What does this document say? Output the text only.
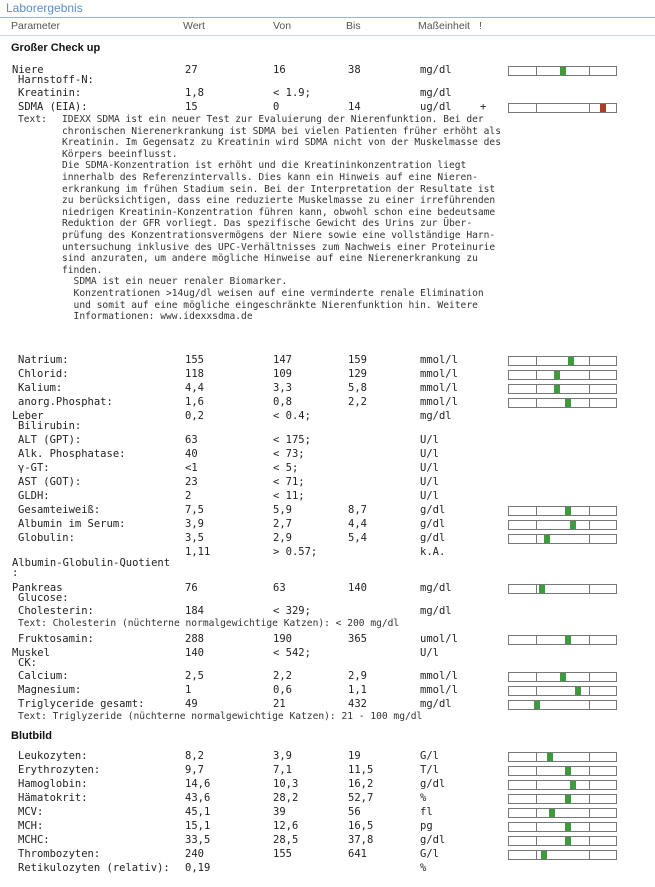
Laborergebnis
Parameter	Wert	Von	Bis	Maßeinheit !
Großer Check up
Blutbild
Text: IDEXX SDMA ist ein neuer Test zur Evaluierung der Nierenfunktion. Bei der
chronischen Nierenerkrankung ist SDMA bei vielen Patienten früher erhöht als
Kreatinin. Im Gegensatz zu Kreatinin wird SDMA nicht von der Muskelmasse des
Körpers beeinflusst.
Die SDMA-Konzentration ist erhöht und die Kreatininkonzentration liegt
innerhalb des Referenzintervalls. Dies kann ein Hinweis auf eine Nieren-
erkrankung im frühen Stadium sein. Bei der Interpretation der Resultate ist
zu berücksichtigen, dass eine reduzierte Muskelmasse zu einer irreführenden
niedrigen Kreatinin-Konzentration führen kann, obwohl schon eine bedeutsame
Reduktion der GFR vorliegt. Das spezifische Gewicht des Urins zur Über-
prüfung des Konzentrationsvermögens der Niere sowie eine vollständige Harn-
untersuchung inklusive des UPC-Verhältnisses zum Nachweis einer Proteinurie
sind anzuraten, um andere mögliche Hinweise auf eine Nierenerkrankung zu
finden.
SDMA ist ein neuer renaler Biomarker.
Konzentrationen >14ug/dl weisen auf eine verminderte renale Elimination
und somit auf eine mögliche eingeschränkte Nierenfunktion hin. Weitere
Informationen: www.idexxsdma.de
Text: Cholesterin (nüchterne normalgewichtige Katzen): < 200 mg/dl
Text: Triglyzeride (nüchterne normalgewichtige Katzen): 21 - 100 mg/dl
Niere	27	16	38	mg/dl
Harnstoff-N:
Kreatinin:	1,8	< 1.9;	mg/dl
SDMA (EIA):	15	0	14	ug/dl	+
Natrium:	155	147	159	mmol/l
Chlorid:	118	109	129	mmol/l
Kalium:	4,4	3,3	5,8	mmol/l
anorg.Phosphat:	1,6	0,8	2,2	mmol/l
Leber	0,2	< 0.4;	mg/dl
Bilirubin:
ALT (GPT):	63	< 175;	U/l
Alk. Phosphatase:	40	< 73;	U/l
γ-GT:	<1	< 5;	U/l
AST (GOT):	23	< 71;	U/l
GLDH:	2	< 11;	U/l
Gesamteiweiß:	7,5	5,9	8,7	g/dl
Albumin im Serum:	3,9	2,7	4,4	g/dl
Globulin:	3,5	2,9	5,4	g/dl
1,11	> 0.57;	k.A.
Albumin-Globulin-Quotient
:
Pankreas	76	63	140	mg/dl
Glucose:
Cholesterin:	184	< 329;	mg/dl
Fruktosamin:	288	190	365	umol/l
Muskel	140	< 542;	U/l
CK:
Calcium:	2,5	2,2	2,9	mmol/l
Magnesium:	1	0,6	1,1	mmol/l
Triglyceride gesamt:	49	21	432	mg/dl
Leukozyten:	8,2	3,9	19	G/l
Erythrozyten:	9,7	7,1	11,5	T/l
Hamoglobin:	14,6	10,3	16,2	g/dl
Hämatokrit:	43,6	28,2	52,7	%
MCV:	45,1	39	56	fl
MCH:	15,1	12,6	16,5	pg
MCHC:	33,5	28,5	37,8	g/dl
Thrombozyten:	240	155	641	G/l
Retikulozyten (relativ): 0,19	%
